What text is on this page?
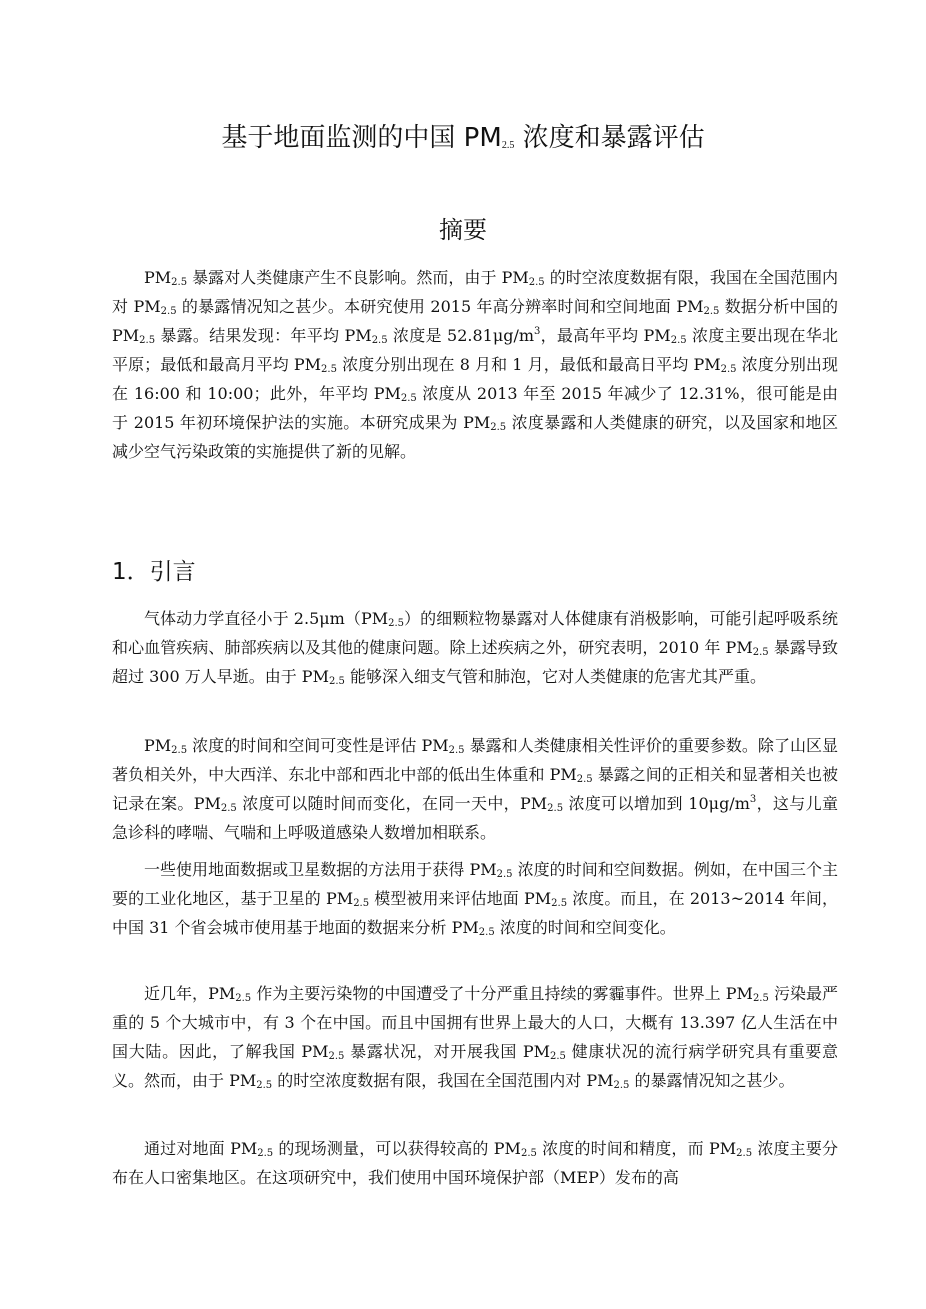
基于地面监测的中国 $PM_{2.5}$ 浓度和暴露评估
摘要

$PM_{2.5}$ 暴露对人类健康产生不良影响。然而，由于 $PM_{2.5}$ 的时空浓度数据有限，我国在全国范围内对 $PM_{2.5}$ 的暴露情况知之甚少。本研究使用 2015 年高分辨率时间和空间地面 $PM_{2.5}$ 数据分析中国的 $PM_{2.5}$ 暴露。结果发现：年平均 $PM_{2.5}$ 浓度是 $52.81\mu g/m^3$，最高年平均 $PM_{2.5}$ 浓度主要出现在华北平原；最低和最高月平均 $PM_{2.5}$ 浓度分别出现在 8 月和 1 月，最低和最高日平均 $PM_{2.5}$ 浓度分别出现在 16:00 和 10:00；此外，年平均 $PM_{2.5}$ 浓度从 2013 年至 2015 年减少了 12.31%，很可能是由于 2015 年初环境保护法的实施。本研究成果为 $PM_{2.5}$ 浓度暴露和人类健康的研究，以及国家和地区减少空气污染政策的实施提供了新的见解。

1．引言

气体动力学直径小于 $2.5\mu m(PM_{2.5})$的细颗粒物暴露对人体健康有消极影响，可能引起呼吸系统和心血管疾病、肺部疾病以及其他的健康问题。除上述疾病之外，研究表明，2010 年 $PM_{2.5}$ 暴露导致超过 300 万人早逝。由于 $PM_{2.5}$ 能够深入细支气管和肺泡，它对人类健康的危害尤其严重。

$PM_{2.5}$ 浓度的时间和空间可变性是评估 $PM_{2.5}$ 暴露和人类健康相关性评价的重要参数。除了山区显著负相关外，中大西洋、东北中部和西北中部的低出生体重和 $PM_{2.5}$ 暴露之间的正相关和显著相关也被记录在案。$PM_{2.5}$ 浓度可以随时间而变化，在同一天中，$PM_{2.5}$ 浓度可以增加到 $10\mu g/m^3$，这与儿童急诊科的哮喘、气喘和上呼吸道感染人数增加相联系。

一些使用地面数据或卫星数据的方法用于获得 $PM_{2.5}$ 浓度的时间和空间数据。例如，在中国三个主要的工业化地区，基于卫星的 $PM_{2.5}$ 模型被用来评估地面 $PM_{2.5}$ 浓度。而且，在 2013~2014 年间，中国 31 个省会城市使用基于地面的数据来分析 $PM_{2.5}$ 浓度的时间和空间变化。

近几年，$PM_{2.5}$ 作为主要污染物的中国遭受了十分严重且持续的雾霾事件。世界上 $PM_{2.5}$ 污染最严重的 5 个大城市中，有 3 个在中国。而且中国拥有世界上最大的人口，大概有 13.397 亿人生活在中国大陆。因此，了解我国 $PM_{2.5}$ 暴露状况，对开展我国 $PM_{2.5}$ 健康状况的流行病学研究具有重要意义。然而，由于 $PM_{2.5}$ 的时空浓度数据有限，我国在全国范围内对 $PM_{2.5}$ 的暴露情况知之甚少。

通过对地面 $PM_{2.5}$ 的现场测量，可以获得较高的 $PM_{2.5}$ 浓度的时间和精度，而 $PM_{2.5}$ 浓度主要分布在人口密集地区。在这项研究中，我们使用中国环境保护部（MEP）发布的高
